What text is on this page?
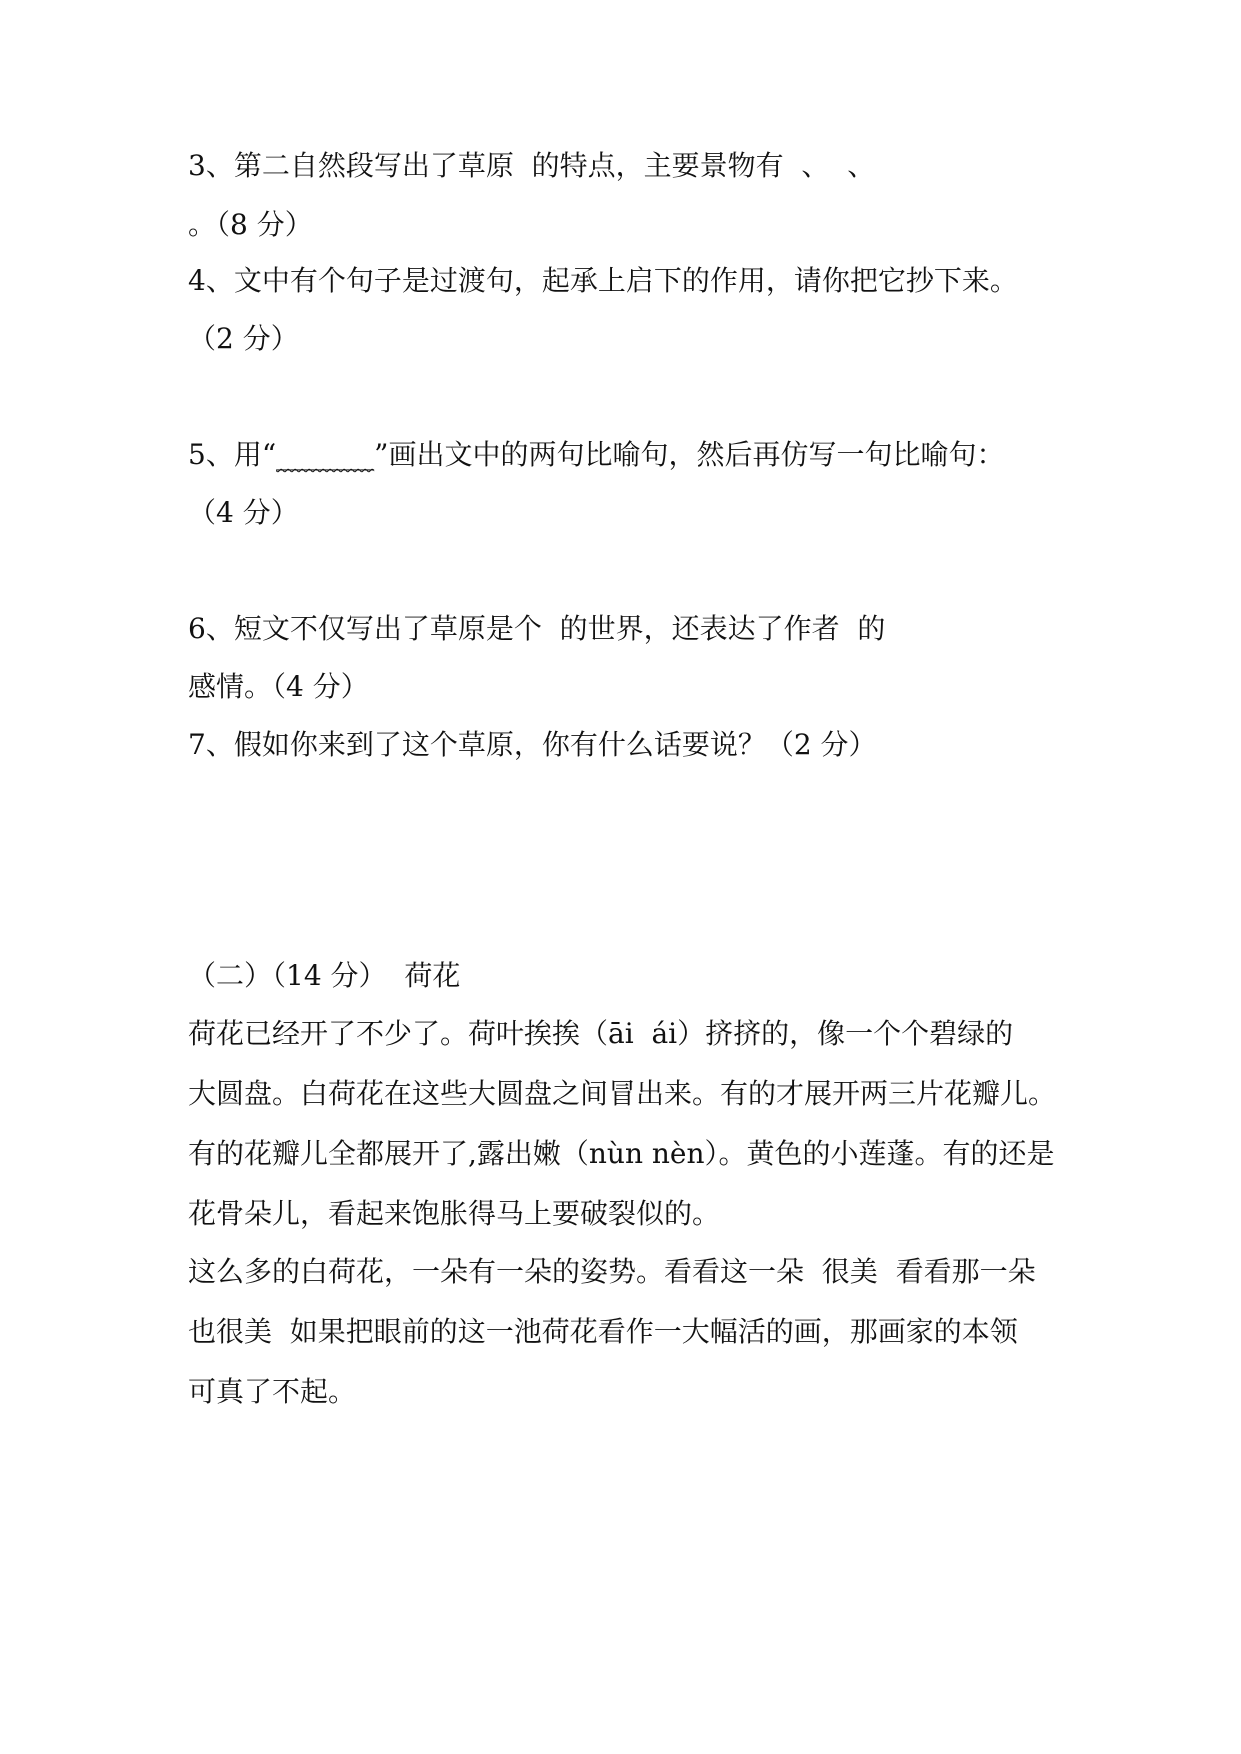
3、第二自然段写出了草原  的特点，主要景物有  、  、

。（8 分）

4、文中有个句子是过渡句，起承上启下的作用，请你把它抄下来。

（2 分）

5、用“_______”画出文中的两句比喻句，然后再仿写一句比喻句：

（4 分）

6、短文不仅写出了草原是个  的世界，还表达了作者  的

感情。（4 分）

7、假如你来到了这个草原，你有什么话要说？（2 分）

（二）（14 分）  荷花

荷花已经开了不少了。荷叶挨挨（āi  ái）挤挤的，像一个个碧绿的

大圆盘。白荷花在这些大圆盘之间冒出来。有的才展开两三片花瓣儿。

有的花瓣儿全都展开了,露出嫩（nùn nèn）。黄色的小莲蓬。有的还是

花骨朵儿，看起来饱胀得马上要破裂似的。

这么多的白荷花，一朵有一朵的姿势。看看这一朵  很美  看看那一朵

也很美  如果把眼前的这一池荷花看作一大幅活的画，那画家的本领

可真了不起。
